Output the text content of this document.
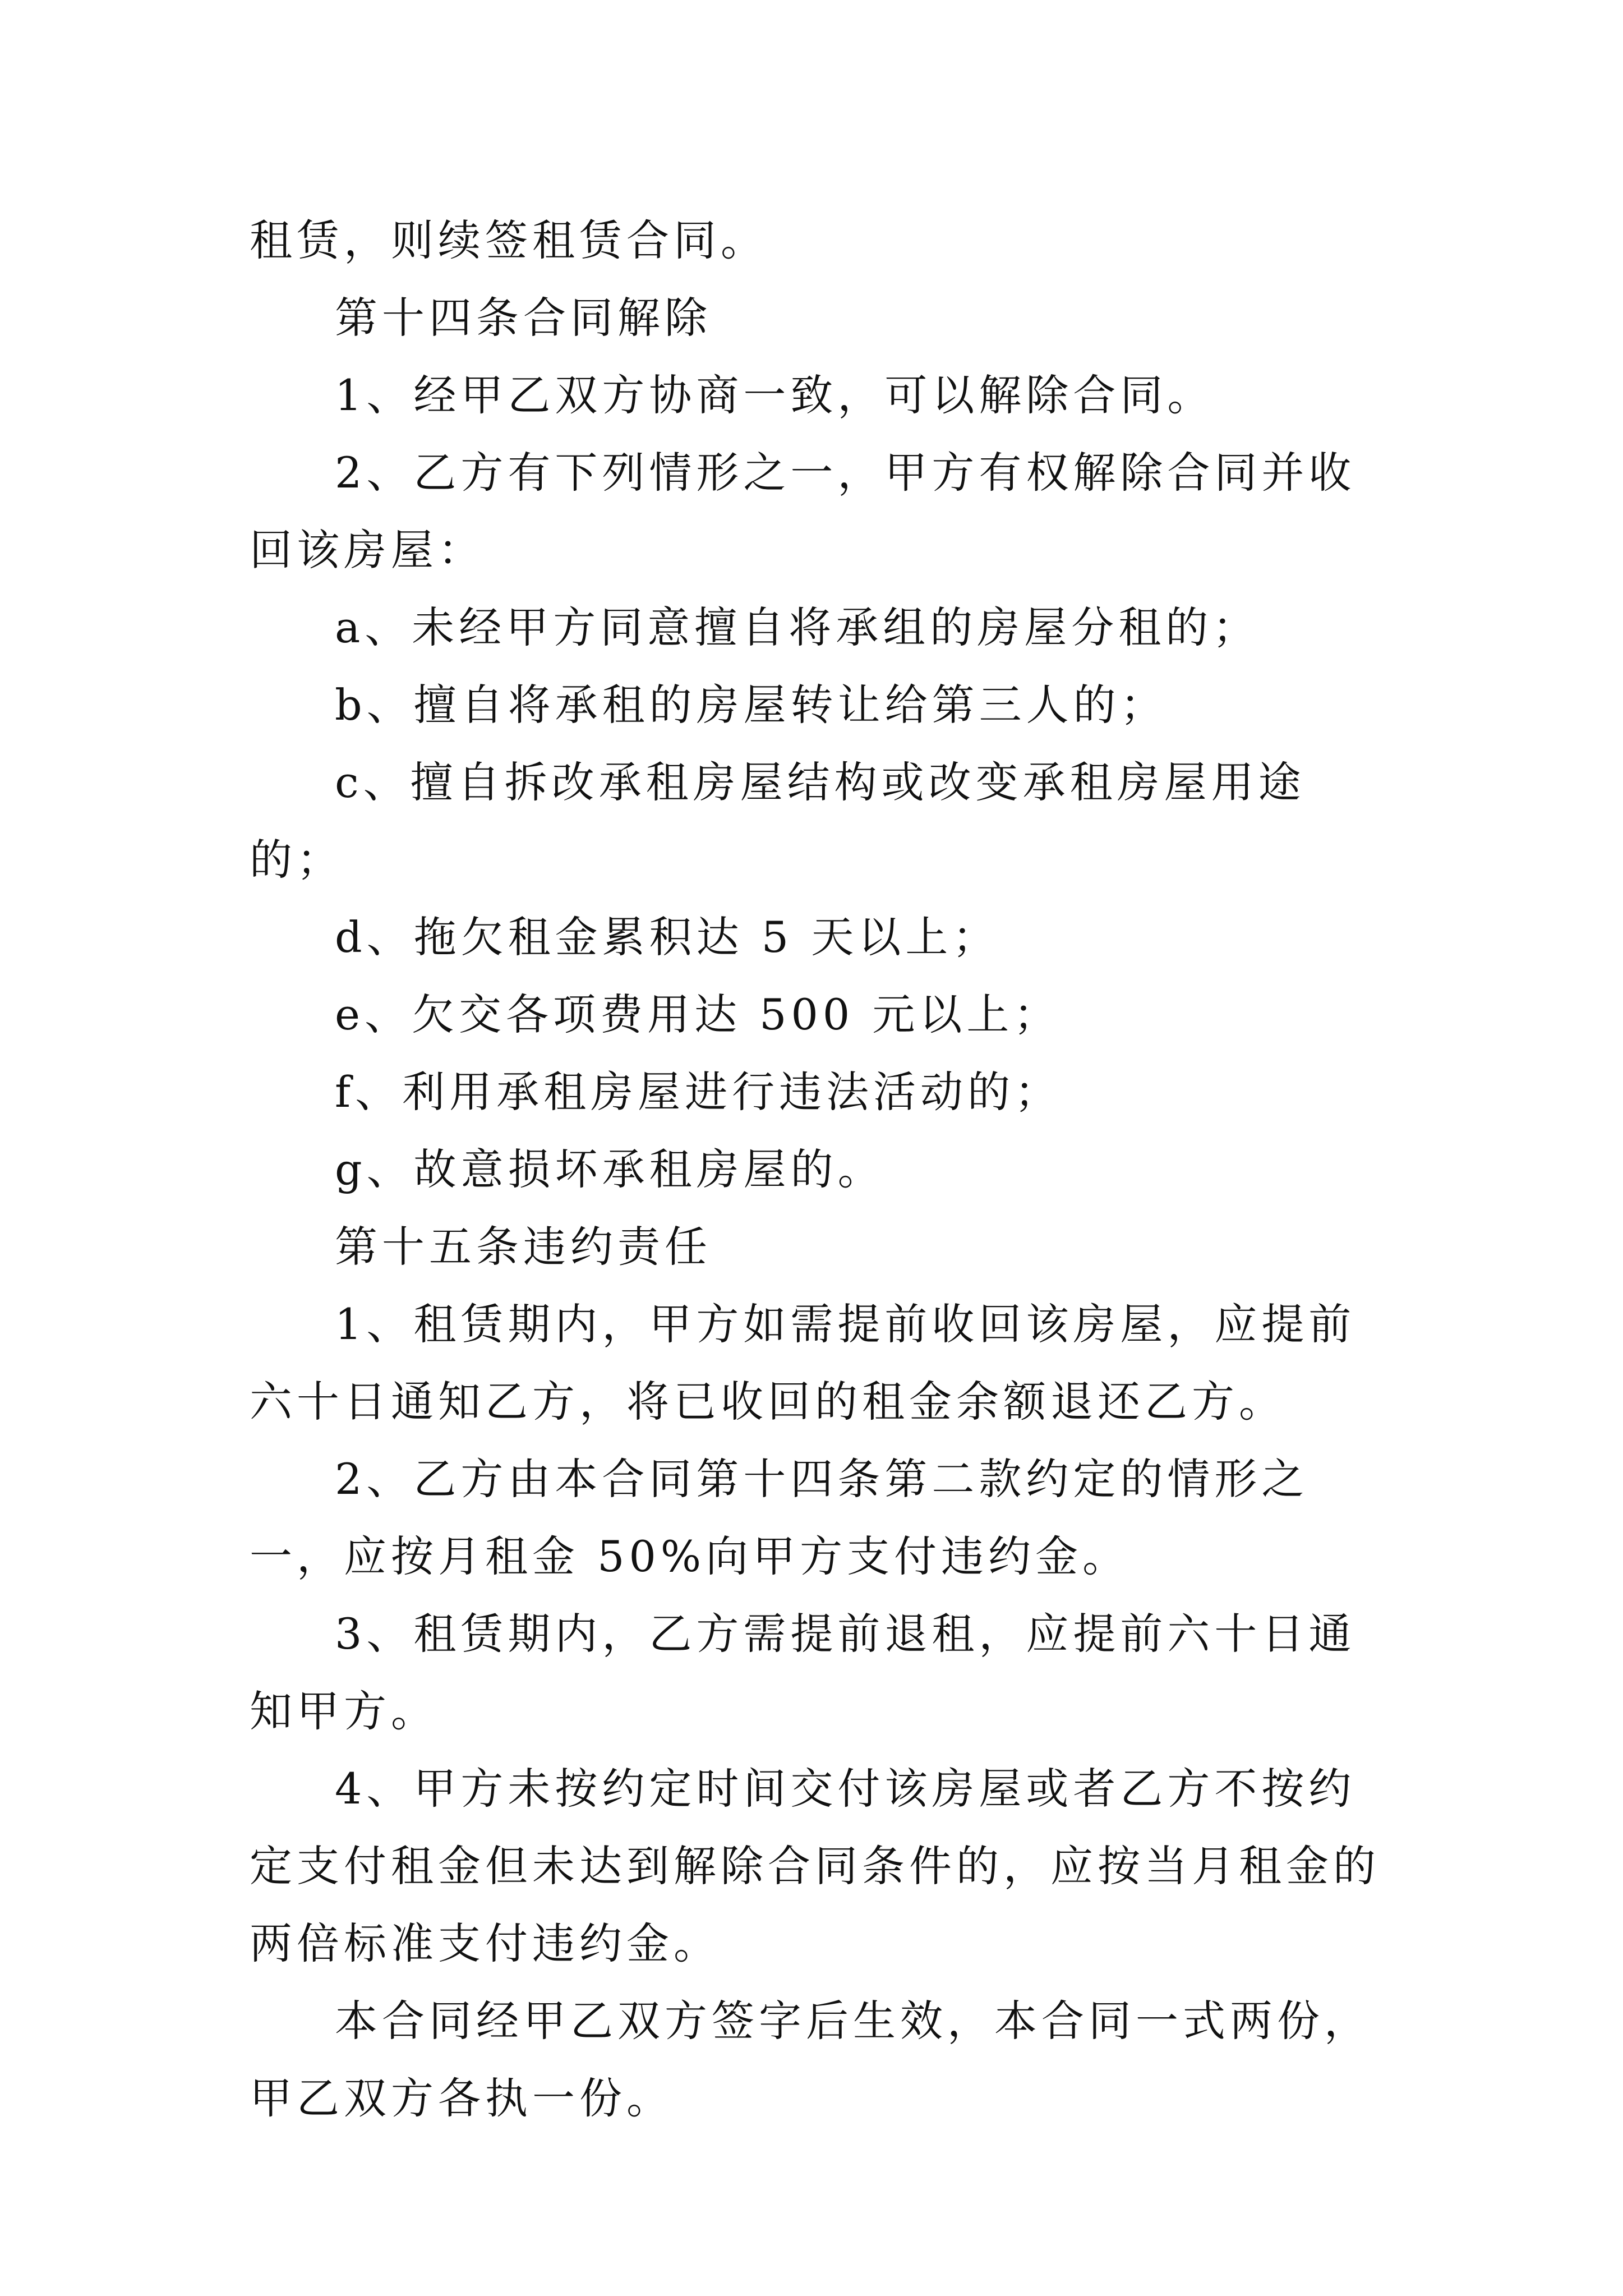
租赁，则续签租赁合同。

第十四条合同解除

1、经甲乙双方协商一致，可以解除合同。

2、乙方有下列情形之一，甲方有权解除合同并收回该房屋：

a、未经甲方同意擅自将承组的房屋分租的；

b、擅自将承租的房屋转让给第三人的；

c、擅自拆改承租房屋结构或改变承租房屋用途的；

d、拖欠租金累积达 5 天以上；

e、欠交各项费用达 500 元以上；

f、利用承租房屋进行违法活动的；

g、故意损坏承租房屋的。

第十五条违约责任

1、租赁期内，甲方如需提前收回该房屋，应提前六十日通知乙方，将已收回的租金余额退还乙方。

2、乙方由本合同第十四条第二款约定的情形之一，应按月租金 50%向甲方支付违约金。

3、租赁期内，乙方需提前退租，应提前六十日通知甲方。

4、甲方未按约定时间交付该房屋或者乙方不按约定支付租金但未达到解除合同条件的，应按当月租金的两倍标准支付违约金。

本合同经甲乙双方签字后生效，本合同一式两份，甲乙双方各执一份。
